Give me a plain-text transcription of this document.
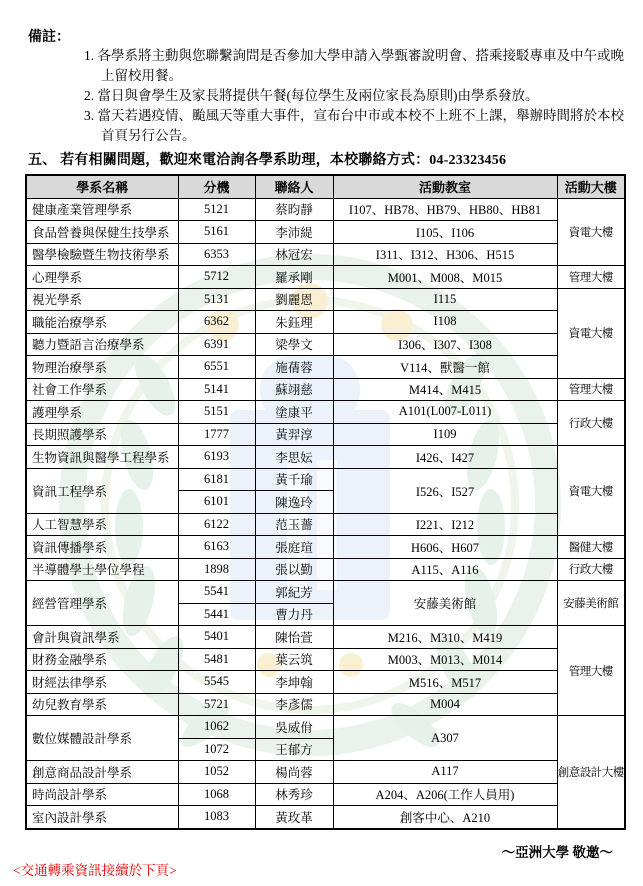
備註：
1. 各學系將主動與您聯繫詢問是否參加大學申請入學甄審說明會、搭乘接駁專車及中午或晚上留校用餐。
2. 當日與會學生及家長將提供午餐(每位學生及兩位家長為原則)由學系發放。
3. 當天若遇疫情、颱風天等重大事件，宣布台中市或本校不上班不上課，舉辦時間將於本校首頁另行公告。
五、 若有相關問題，歡迎來電洽詢各學系助理，本校聯絡方式：04-23323456
學系名稱	分機	聯絡人	活動教室	活動大樓
健康產業管理學系	5121	蔡昀靜	I107、HB78、HB79、HB80、HB81	資電大樓
食品營養與保健生技學系	5161	李沛緹	I105、I106	
醫學檢驗暨生物技術學系	6353	林冠宏	I311、I312、H306、H515	
心理學系	5712	羅承剛	M001、M008、M015	管理大樓
視光學系	5131	劉麗恩	I115	資電大樓
職能治療學系	6362	朱鈺理	I108	
聽力暨語言治療學系	6391	梁學文	I306、I307、I308	
物理治療學系	6551	施蒨蓉	V114、獸醫一館	
社會工作學系	5141	蘇翊慈	M414、M415	管理大樓
護理學系	5151	塗康平	A101(L007-L011)	行政大樓
長期照護學系	1777	黃羿淳	I109	
生物資訊與醫學工程學系	6193	李思妘	I426、I427	資電大樓
資訊工程學系	6181	黃千瑜	I526、I527	
	6101	陳逸玲		
人工智慧學系	6122	范玉薔	I221、I212	
資訊傳播學系	6163	張庭瑄	H606、H607	醫健大樓
半導體學士學位學程	1898	張以勤	A115、A116	行政大樓
經營管理學系	5541	郭紀芳	安藤美術館	安藤美術館
	5441	曹力丹		
會計與資訊學系	5401	陳怡萱	M216、M310、M419	管理大樓
財務金融學系	5481	葉云筑	M003、M013、M014	
財經法律學系	5545	李坤翰	M516、M517	
幼兒教育學系	5721	李彥儒	M004	
數位媒體設計學系	1062	吳威佾	A307	創意設計大樓
	1072	王郁方		
創意商品設計學系	1052	楊尚蓉	A117	
時尚設計學系	1068	林秀珍	A204、A206(工作人員用)	
室內設計學系	1083	黃玫革	創客中心、A210	
～亞洲大學 敬邀～
<交通轉乘資訊接續於下頁>
